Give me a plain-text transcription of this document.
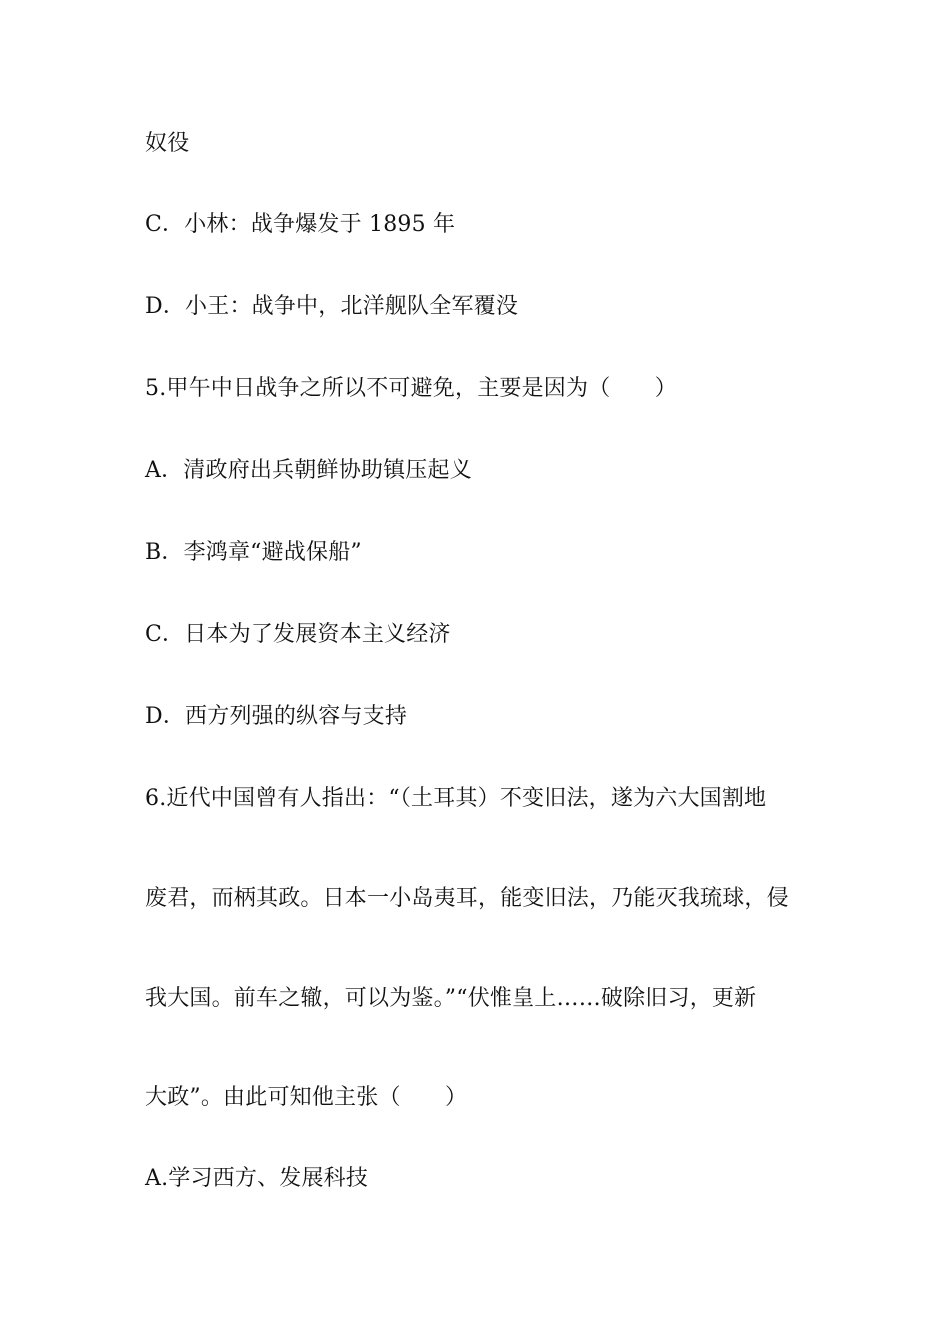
奴役
C．小林：战争爆发于 1895 年
D．小王：战争中，北洋舰队全军覆没
5.甲午中日战争之所以不可避免，主要是因为（　　）
A．清政府出兵朝鲜协助镇压起义
B．李鸿章“避战保船”
C．日本为了发展资本主义经济
D．西方列强的纵容与支持
6.近代中国曾有人指出：“（土耳其）不变旧法，遂为六大国割地
废君，而柄其政。日本一小岛夷耳，能变旧法，乃能灭我琉球，侵
我大国。前车之辙，可以为鉴。”“伏惟皇上……破除旧习，更新
大政”。由此可知他主张（　　）
A.学习西方、发展科技
